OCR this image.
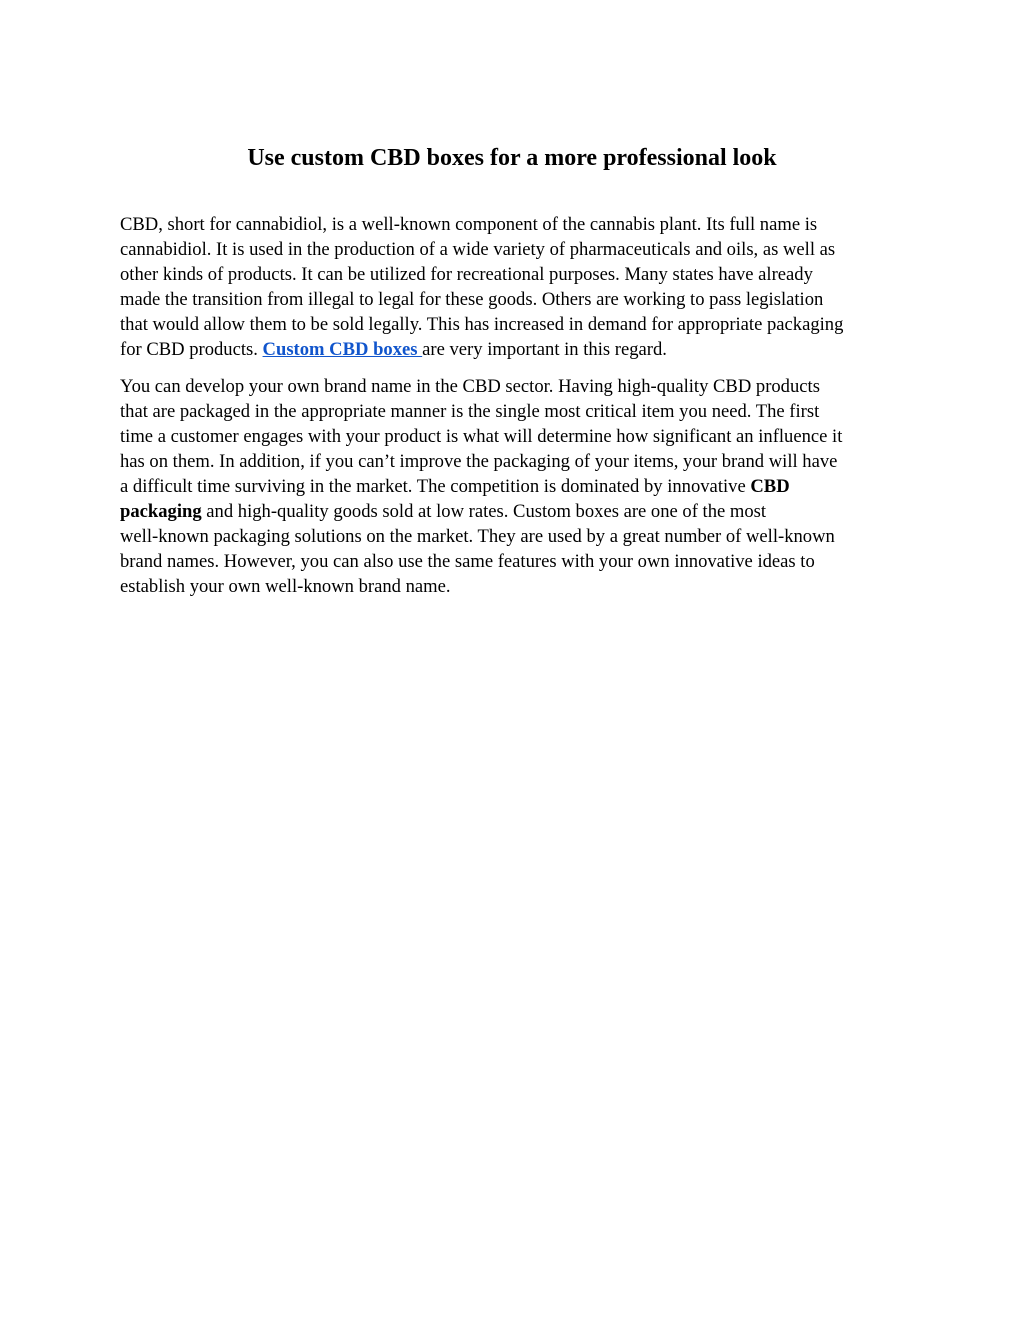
Use custom CBD boxes for a more professional look

CBD, short for cannabidiol, is a well-known component of the cannabis plant. Its full name is
cannabidiol. It is used in the production of a wide variety of pharmaceuticals and oils, as well as
other kinds of products. It can be utilized for recreational purposes. Many states have already
made the transition from illegal to legal for these goods. Others are working to pass legislation
that would allow them to be sold legally. This has increased in demand for appropriate packaging
for CBD products. Custom CBD boxes are very important in this regard.

You can develop your own brand name in the CBD sector. Having high-quality CBD products
that are packaged in the appropriate manner is the single most critical item you need. The first
time a customer engages with your product is what will determine how significant an influence it
has on them. In addition, if you can’t improve the packaging of your items, your brand will have
a difficult time surviving in the market. The competition is dominated by innovative CBD
packaging and high-quality goods sold at low rates. Custom boxes are one of the most
well-known packaging solutions on the market. They are used by a great number of well-known
brand names. However, you can also use the same features with your own innovative ideas to
establish your own well-known brand name.
